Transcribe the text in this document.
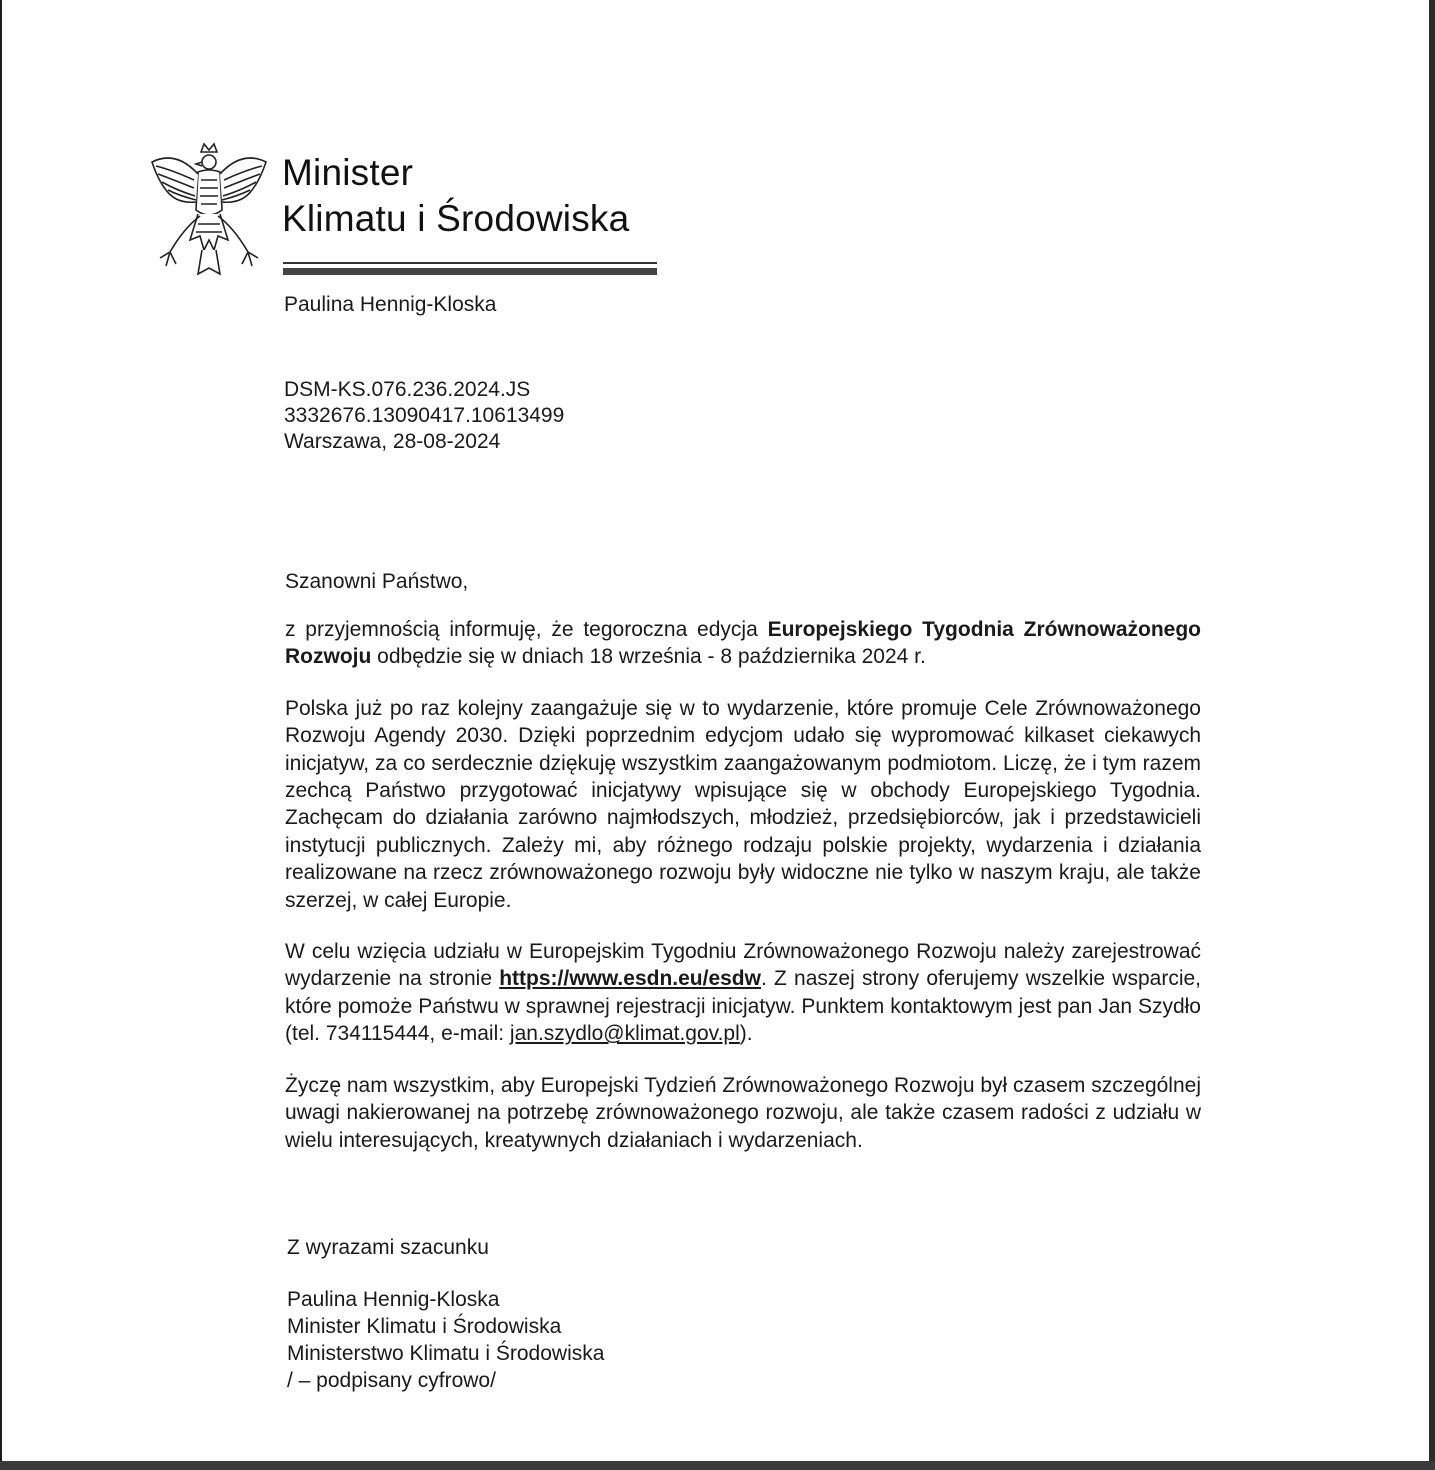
Minister
Klimatu i Środowiska
Paulina Hennig-Kloska
DSM-KS.076.236.2024.JS
3332676.13090417.10613499
Warszawa, 28-08-2024
Szanowni Państwo,

z przyjemnością informuję, że tegoroczna edycja Europejskiego Tygodnia Zrównoważonego Rozwoju odbędzie się w dniach 18 września - 8 października 2024 r.

Polska już po raz kolejny zaangażuje się w to wydarzenie, które promuje Cele Zrównoważonego Rozwoju Agendy 2030. Dzięki poprzednim edycjom udało się wypromować kilkaset ciekawych inicjatyw, za co serdecznie dziękuję wszystkim zaangażowanym podmiotom. Liczę, że i tym razem zechcą Państwo przygotować inicjatywy wpisujące się w obchody Europejskiego Tygodnia. Zachęcam do działania zarówno najmłodszych, młodzież, przedsiębiorców, jak i przedstawicieli instytucji publicznych. Zależy mi, aby różnego rodzaju polskie projekty, wydarzenia i działania realizowane na rzecz zrównoważonego rozwoju były widoczne nie tylko w naszym kraju, ale także szerzej, w całej Europie.

W celu wzięcia udziału w Europejskim Tygodniu Zrównoważonego Rozwoju należy zarejestrować wydarzenie na stronie https://www.esdn.eu/esdw. Z naszej strony oferujemy wszelkie wsparcie, które pomoże Państwu w sprawnej rejestracji inicjatyw. Punktem kontaktowym jest pan Jan Szydło (tel. 734115444, e-mail: jan.szydlo@klimat.gov.pl).

Życzę nam wszystkim, aby Europejski Tydzień Zrównoważonego Rozwoju był czasem szczególnej uwagi nakierowanej na potrzebę zrównoważonego rozwoju, ale także czasem radości z udziału w wielu interesujących, kreatywnych działaniach i wydarzeniach.

Z wyrazami szacunku
Paulina Hennig-Kloska
Minister Klimatu i Środowiska
Ministerstwo Klimatu i Środowiska
/ – podpisany cyfrowo/
